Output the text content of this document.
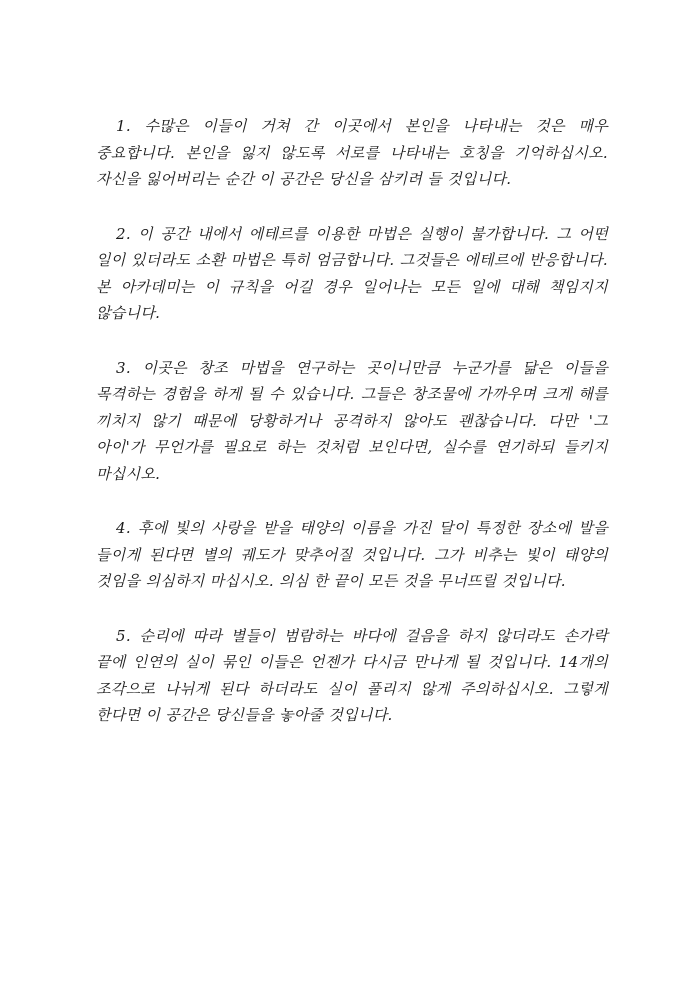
1. 수많은 이들이 거쳐 간 이곳에서 본인을 나타내는 것은 매우 중요합니다. 본인을 잃지 않도록 서로를 나타내는 호칭을 기억하십시오. 자신을 잃어버리는 순간 이 공간은 당신을 삼키려 들 것입니다.

2. 이 공간 내에서 에테르를 이용한 마법은 실행이 불가합니다. 그 어떤 일이 있더라도 소환 마법은 특히 엄금합니다. 그것들은 에테르에 반응합니다. 본 아카데미는 이 규칙을 어길 경우 일어나는 모든 일에 대해 책임지지 않습니다.

3. 이곳은 창조 마법을 연구하는 곳이니만큼 누군가를 닮은 이들을 목격하는 경험을 하게 될 수 있습니다. 그들은 창조물에 가까우며 크게 해를 끼치지 않기 때문에 당황하거나 공격하지 않아도 괜찮습니다. 다만 '그 아이'가 무언가를 필요로 하는 것처럼 보인다면, 실수를 연기하되 들키지 마십시오.

4. 후에 빛의 사랑을 받을 태양의 이름을 가진 달이 특정한 장소에 발을 들이게 된다면 별의 궤도가 맞추어질 것입니다. 그가 비추는 빛이 태양의 것임을 의심하지 마십시오. 의심 한 끝이 모든 것을 무너뜨릴 것입니다.

5. 순리에 따라 별들이 범람하는 바다에 걸음을 하지 않더라도 손가락 끝에 인연의 실이 묶인 이들은 언젠가 다시금 만나게 될 것입니다. 14개의 조각으로 나뉘게 된다 하더라도 실이 풀리지 않게 주의하십시오. 그렇게 한다면 이 공간은 당신들을 놓아줄 것입니다.
